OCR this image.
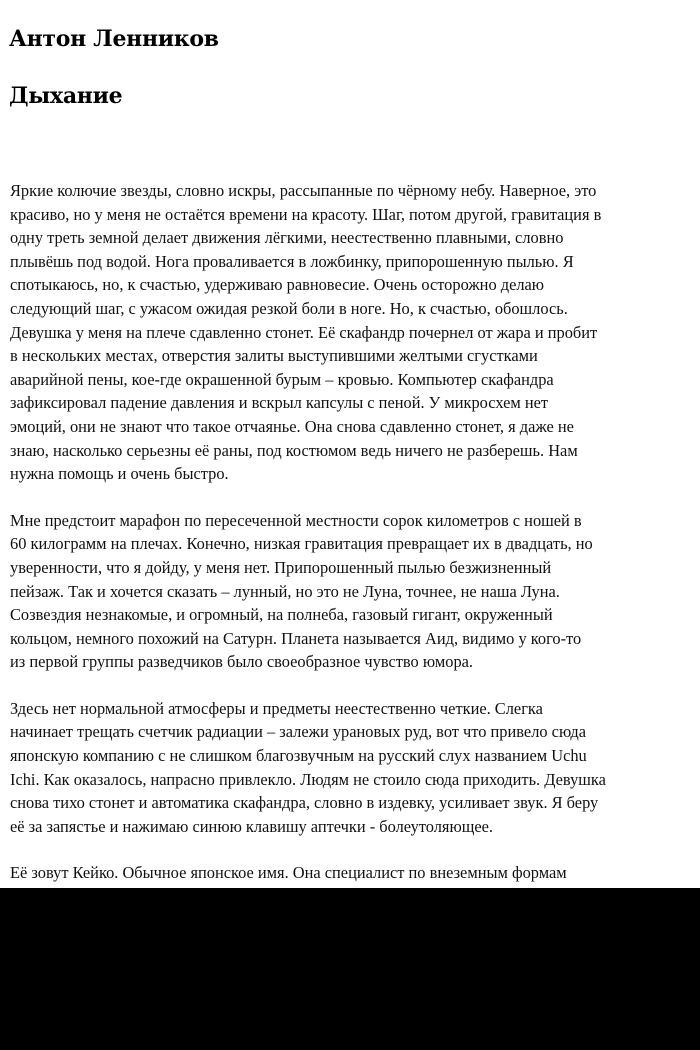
Антон Ленников
Дыхание

Яркие колючие звезды, словно искры, рассыпанные по чёрному небу. Наверное, это
красиво, но у меня не остаётся времени на красоту. Шаг, потом другой, гравитация в
одну треть земной делает движения лёгкими, неестественно плавными, словно
плывёшь под водой. Нога проваливается в ложбинку, припорошенную пылью. Я
спотыкаюсь, но, к счастью, удерживаю равновесие. Очень осторожно делаю
следующий шаг, с ужасом ожидая резкой боли в ноге. Но, к счастью, обошлось.
Девушка у меня на плече сдавленно стонет. Её скафандр почернел от жара и пробит
в нескольких местах, отверстия залиты выступившими желтыми сгустками
аварийной пены, кое-где окрашенной бурым – кровью. Компьютер скафандра
зафиксировал падение давления и вскрыл капсулы с пеной. У микросхем нет
эмоций, они не знают что такое отчаянье. Она снова сдавленно стонет, я даже не
знаю, насколько серьезны её раны, под костюмом ведь ничего не разберешь. Нам
нужна помощь и очень быстро.

Мне предстоит марафон по пересеченной местности сорок километров с ношей в
60 килограмм на плечах. Конечно, низкая гравитация превращает их в двадцать, но
уверенности, что я дойду, у меня нет. Припорошенный пылью безжизненный
пейзаж. Так и хочется сказать – лунный, но это не Луна, точнее, не наша Луна.
Созвездия незнакомые, и огромный, на полнеба, газовый гигант, окруженный
кольцом, немного похожий на Сатурн. Планета называется Аид, видимо у кого-то
из первой группы разведчиков было своеобразное чувство юмора.

Здесь нет нормальной атмосферы и предметы неестественно четкие. Слегка
начинает трещать счетчик радиации – залежи урановых руд, вот что привело сюда
японскую компанию с не слишком благозвучным на русский слух названием Uchu
Ichi. Как оказалось, напрасно привлекло. Людям не стоило сюда приходить. Девушка
снова тихо стонет и автоматика скафандра, словно в издевку, усиливает звук. Я беру
её за запястье и нажимаю синюю клавишу аптечки - болеутоляющее.

Её зовут Кейко. Обычное японское имя. Она специалист по внеземным формам
